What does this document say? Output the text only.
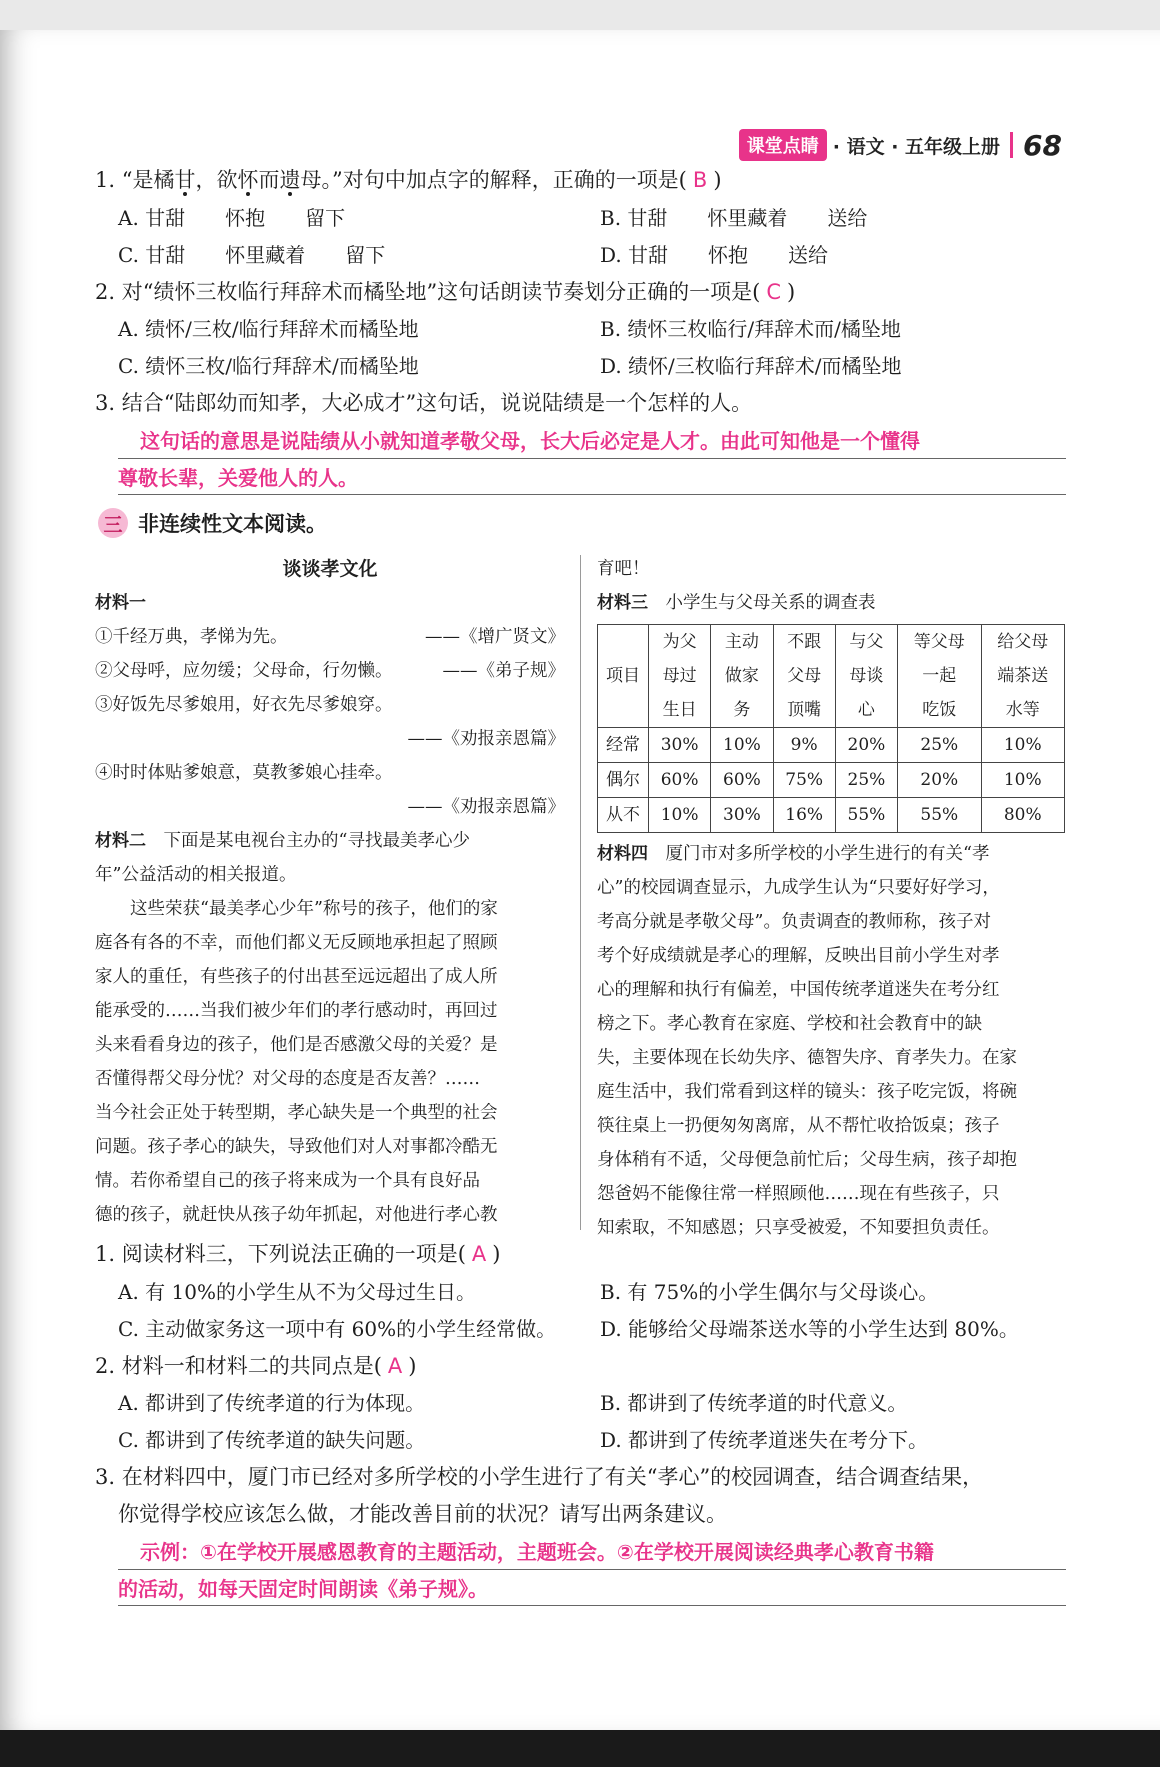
课堂点睛 · 语文 · 五年级上册 68
1. “是橘甘，欲怀而遗母。”对句中加点字的解释，正确的一项是( B )
A. 甘甜　　怀抱　　留下	B. 甘甜　　怀里藏着　　送给
C. 甘甜　　怀里藏着　　留下	D. 甘甜　　怀抱　　送给
2. 对“绩怀三枚临行拜辞术而橘坠地”这句话朗读节奏划分正确的一项是( C )
A. 绩怀/三枚/临行拜辞术而橘坠地	B. 绩怀三枚临行/拜辞术而/橘坠地
C. 绩怀三枚/临行拜辞术/而橘坠地	D. 绩怀/三枚临行拜辞术/而橘坠地
3. 结合“陆郎幼而知孝，大必成才”这句话，说说陆绩是一个怎样的人。
这句话的意思是说陆绩从小就知道孝敬父母，长大后必定是人才。由此可知他是一个懂得
尊敬长辈，关爱他人的人。
三 非连续性文本阅读。

谈谈孝文化

材料一

①千经万典，孝悌为先。	——《增广贤文》

②父母呼，应勿缓；父母命，行勿懒。	——《弟子规》

③好饭先尽爹娘用，好衣先尽爹娘穿。

——《劝报亲恩篇》

④时时体贴爹娘意，莫教爹娘心挂牵。

——《劝报亲恩篇》

材料二　 下面是某电视台主办的“寻找最美孝心少

年”公益活动的相关报道。

这些荣获“最美孝心少年”称号的孩子，他们的家

庭各有各的不幸，而他们都义无反顾地承担起了照顾

家人的重任，有些孩子的付出甚至远远超出了成人所

能承受的……当我们被少年们的孝行感动时，再回过

头来看看身边的孩子，他们是否感激父母的关爱？是

否懂得帮父母分忧？对父母的态度是否友善？……

当今社会正处于转型期，孝心缺失是一个典型的社会

问题。孩子孝心的缺失，导致他们对人对事都冷酷无

情。若你希望自己的孩子将来成为一个具有良好品

德的孩子，就赶快从孩子幼年抓起，对他进行孝心教

育吧！

材料三　 小学生与父母关系的调查表

项目	为父
母过
生日	主动
做家
务	不跟
父母
顶嘴	与父
母谈
心	等父母
一起
吃饭	给父母
端茶送
水等
经常	30%	10%	9%	20%	25%	10%
偶尔	60%	60%	75%	25%	20%	10%
从不	10%	30%	16%	55%	55%	80%

材料四　 厦门市对多所学校的小学生进行的有关“孝

心”的校园调查显示，九成学生认为“只要好好学习，

考高分就是孝敬父母”。负责调查的教师称，孩子对

考个好成绩就是孝心的理解，反映出目前小学生对孝

心的理解和执行有偏差，中国传统孝道迷失在考分红

榜之下。孝心教育在家庭、学校和社会教育中的缺

失，主要体现在长幼失序、德智失序、育孝失力。在家

庭生活中，我们常看到这样的镜头：孩子吃完饭，将碗

筷往桌上一扔便匆匆离席，从不帮忙收拾饭桌；孩子

身体稍有不适，父母便急前忙后；父母生病，孩子却抱

怨爸妈不能像往常一样照顾他……现在有些孩子，只

知索取，不知感恩；只享受被爱，不知要担负责任。

1. 阅读材料三，下列说法正确的一项是( A )
A. 有 10%的小学生从不为父母过生日。	B. 有 75%的小学生偶尔与父母谈心。
C. 主动做家务这一项中有 60%的小学生经常做。 D. 能够给父母端茶送水等的小学生达到 80%。
2. 材料一和材料二的共同点是( A )
A. 都讲到了传统孝道的行为体现。	B. 都讲到了传统孝道的时代意义。
C. 都讲到了传统孝道的缺失问题。	D. 都讲到了传统孝道迷失在考分下。
3. 在材料四中，厦门市已经对多所学校的小学生进行了有关“孝心”的校园调查，结合调查结果，
你觉得学校应该怎么做，才能改善目前的状况？请写出两条建议。
示例：①在学校开展感恩教育的主题活动，主题班会。②在学校开展阅读经典孝心教育书籍
的活动，如每天固定时间朗读《弟子规》。
